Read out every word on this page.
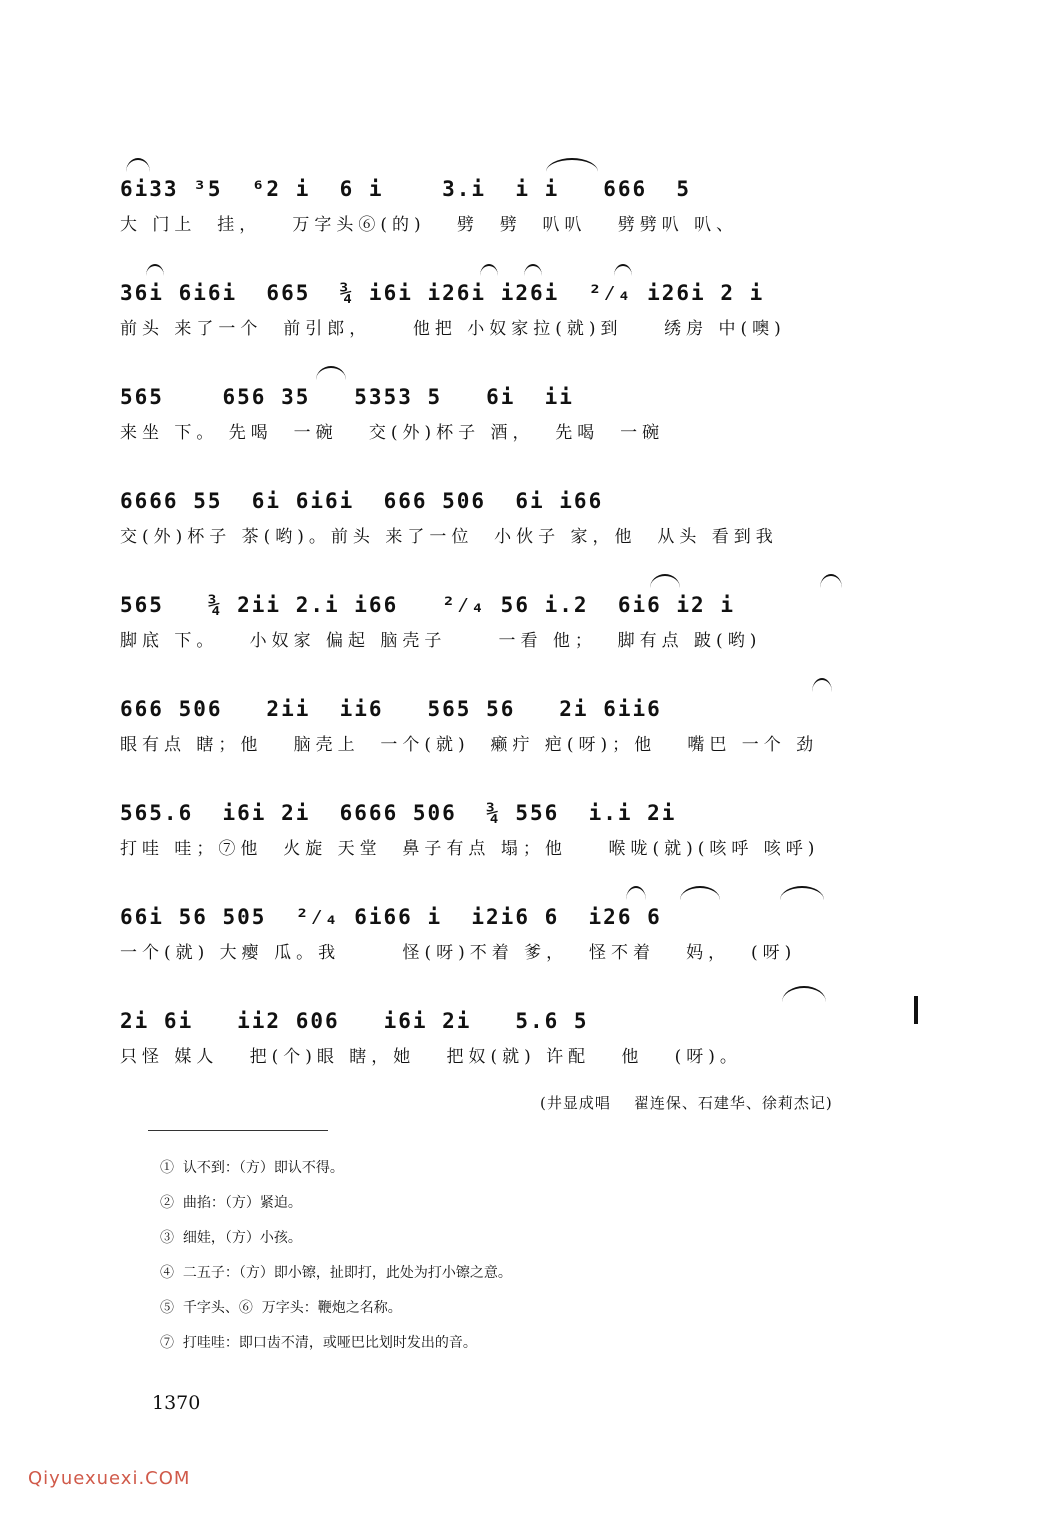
6i33 ³5  ⁶2 i  6 i    3.i  i i   666  5
大 门上  挂，   万字头⑥(的)   劈  劈  叭叭   劈劈叭 叭、
36i 6i6i  665  ¾ i6i i26i i26i  ²⁄₄ i26i 2 i
前头 来了一个  前引郎，    他把 小奴家拉(就)到    绣房 中(噢)
565    656 35   5353 5   6i  ii
来坐 下。 先喝  一碗   交(外)杯子 酒，  先喝  一碗
6666 55  6i 6i6i  666 506  6i i66
交(外)杯子 茶(哟)。前头 来了一位  小伙子 家，他  从头 看到我
565   ¾ 2ii 2.i i66   ²⁄₄ 56 i.2  6i6 i2 i
脚底 下。   小奴家 偏起 脑壳子     一看 他；  脚有点 跛(哟)
666 506   2ii  ii6   565 56   2i 6ii6
眼有点 瞎；他   脑壳上  一个(就)  癞疔 疤(呀)；他   嘴巴 一个 劲
565.6  i6i 2i  6666 506  ¾ 556  i.i 2i
打哇 哇；⑦他  火旋 天堂  鼻子有点 塌；他    喉咙(就)(咳呼 咳呼)
66i 56 505  ²⁄₄ 6i66 i  i2i6 6  i26 6
一个(就) 大瘿 瓜。我      怪(呀)不着 爹，  怪不着   妈，  (呀)
2i 6i   ii2 606   i6i 2i   5.6 5
只怪 媒人   把(个)眼 瞎，她   把奴(就) 许配   他   (呀)。
(井显成唱    翟连保、石建华、徐莉杰记)
①  认不到：（方）即认不得。
②  曲掐：（方）紧迫。
③  细娃，（方）小孩。
④  二五子：（方）即小镲，扯即打，此处为打小镲之意。
⑤  千字头、⑥  万字头：鞭炮之名称。
⑦  打哇哇：即口齿不清，或哑巴比划时发出的音。
1370
Qiyuexuexi.COM
